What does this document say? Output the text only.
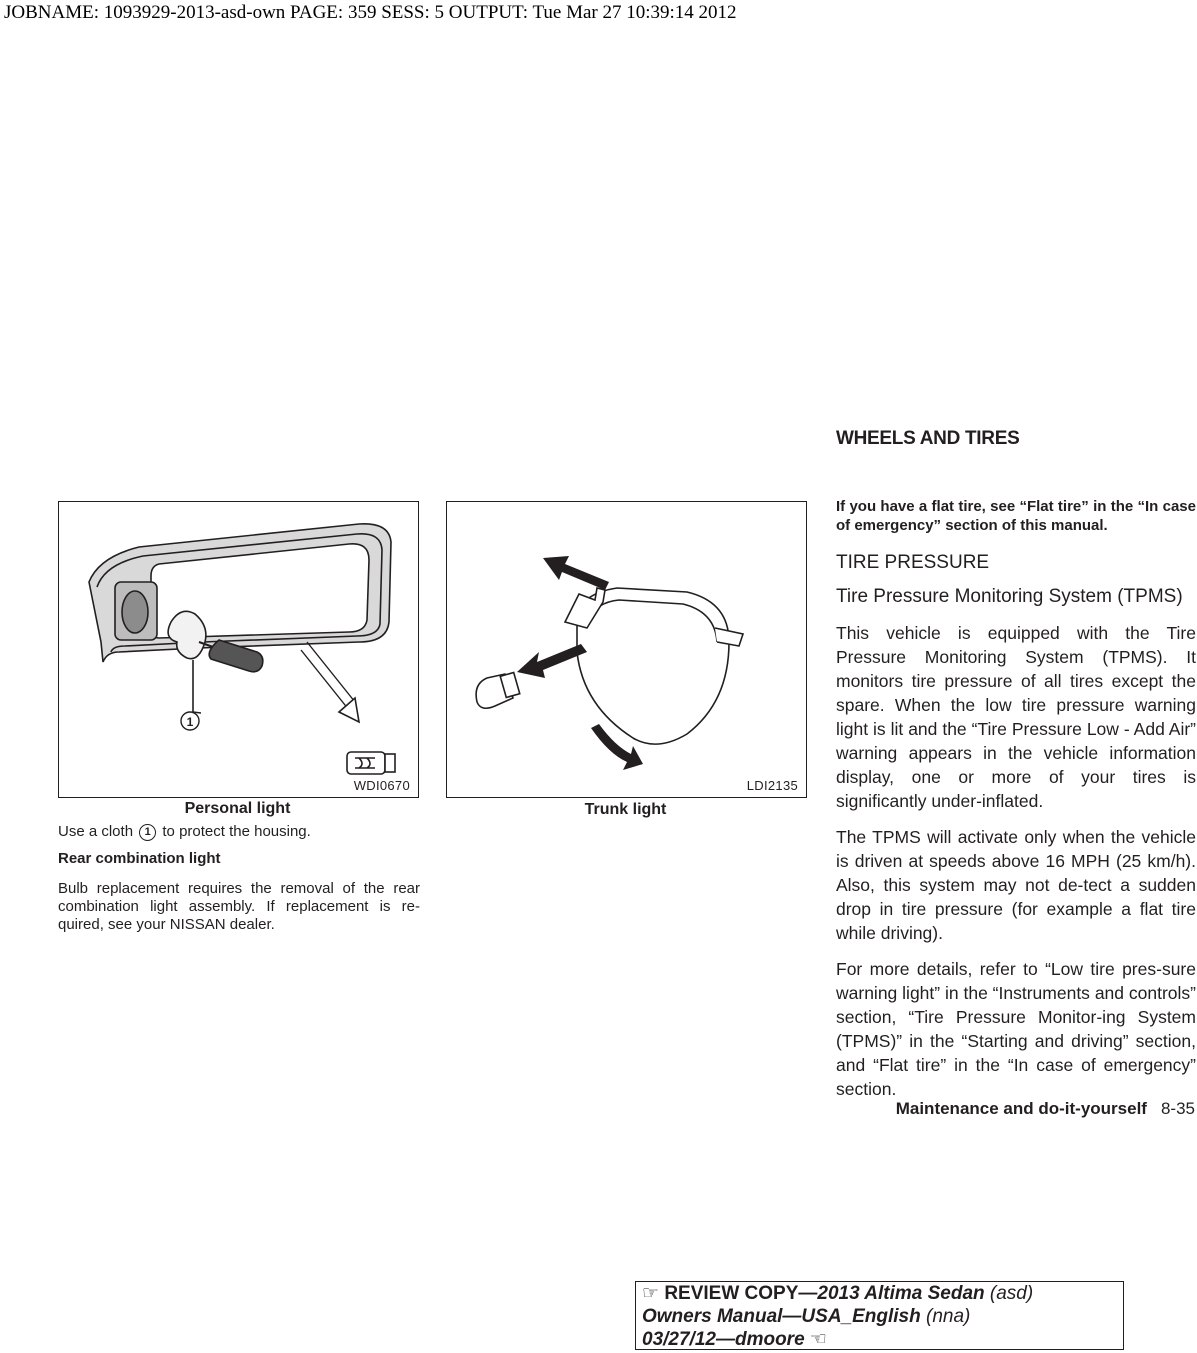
JOBNAME: 1093929-2013-asd-own PAGE: 359 SESS: 5 OUTPUT: Tue Mar 27 10:39:14 2012
WHEELS AND TIRES
1
WDI0670
Personal light
LDI2135
Trunk light

Use a cloth 1 to protect the housing.

Rear combination light

Bulb replacement requires the removal of the rear combination light assembly. If replacement is re-quired, see your NISSAN dealer.

If you have a flat tire, see “Flat tire” in the “In case of emergency” section of this manual.

TIRE PRESSURE

Tire Pressure Monitoring System (TPMS)

This vehicle is equipped with the Tire Pressure Monitoring System (TPMS). It monitors tire pressure of all tires except the spare. When the low tire pressure warning light is lit and the “Tire Pressure Low - Add Air” warning appears in the vehicle information display, one or more of your tires is significantly under-inflated.

The TPMS will activate only when the vehicle is driven at speeds above 16 MPH (25 km/h). Also, this system may not de-tect a sudden drop in tire pressure (for example a flat tire while driving).

For more details, refer to “Low tire pres-sure warning light” in the “Instruments and controls” section, “Tire Pressure Monitor-ing System (TPMS)” in the “Starting and driving” section, and “Flat tire” in the “In case of emergency” section.

Maintenance and do-it-yourself 8-35
☞ REVIEW COPY—2013 Altima Sedan (asd)
Owners Manual—USA_English (nna)
03/27/12—dmoore ☜
